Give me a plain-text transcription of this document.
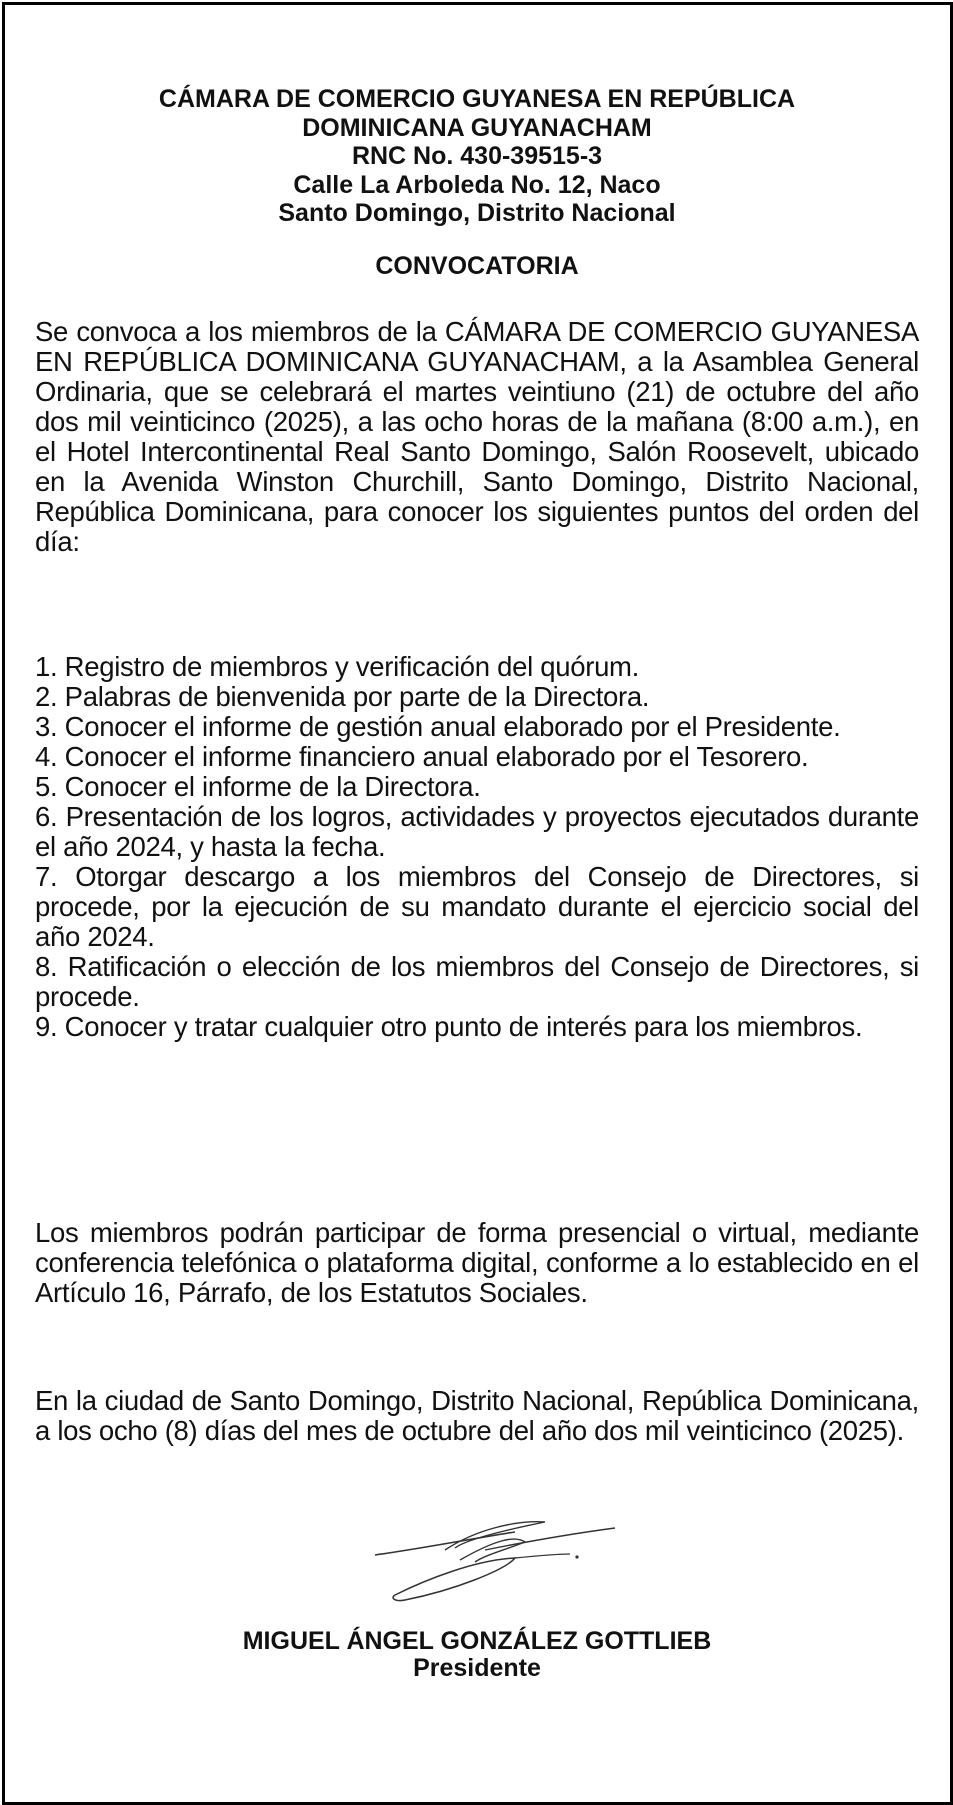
CÁMARA DE COMERCIO GUYANESA EN REPÚBLICA
DOMINICANA GUYANACHAM
RNC No. 430-39515-3
Calle La Arboleda No. 12, Naco
Santo Domingo, Distrito Nacional
CONVOCATORIA
Se convoca a los miembros de la CÁMARA DE COMERCIO GUYANESA EN REPÚBLICA DOMINICANA GUYANACHAM, a la Asamblea General Ordinaria, que se celebrará el martes veintiuno (21) de octubre del año dos mil veinticinco (2025), a las ocho horas de la mañana (8:00 a.m.), en el Hotel Intercontinental Real Santo Domingo, Salón Roosevelt, ubicado en la Avenida Winston Churchill, Santo Domingo, Distrito Nacional, República Dominicana, para conocer los siguientes puntos del orden del día:
1. Registro de miembros y verificación del quórum.
2. Palabras de bienvenida por parte de la Directora.
3. Conocer el informe de gestión anual elaborado por el Presidente.
4. Conocer el informe financiero anual elaborado por el Tesorero.
5. Conocer el informe de la Directora.
6. Presentación de los logros, actividades y proyectos ejecutados durante el año 2024, y hasta la fecha.
7. Otorgar descargo a los miembros del Consejo de Directores, si procede, por la ejecución de su mandato durante el ejercicio social del año 2024.
8. Ratificación o elección de los miembros del Consejo de Directores, si procede.
9. Conocer y tratar cualquier otro punto de interés para los miembros.
Los miembros podrán participar de forma presencial o virtual, mediante conferencia telefónica o plataforma digital, conforme a lo establecido en el Artículo 16, Párrafo, de los Estatutos Sociales.
En la ciudad de Santo Domingo, Distrito Nacional, República Dominicana, a los ocho (8) días del mes de octubre del año dos mil veinticinco (2025).
MIGUEL ÁNGEL GONZÁLEZ GOTTLIEB
Presidente
